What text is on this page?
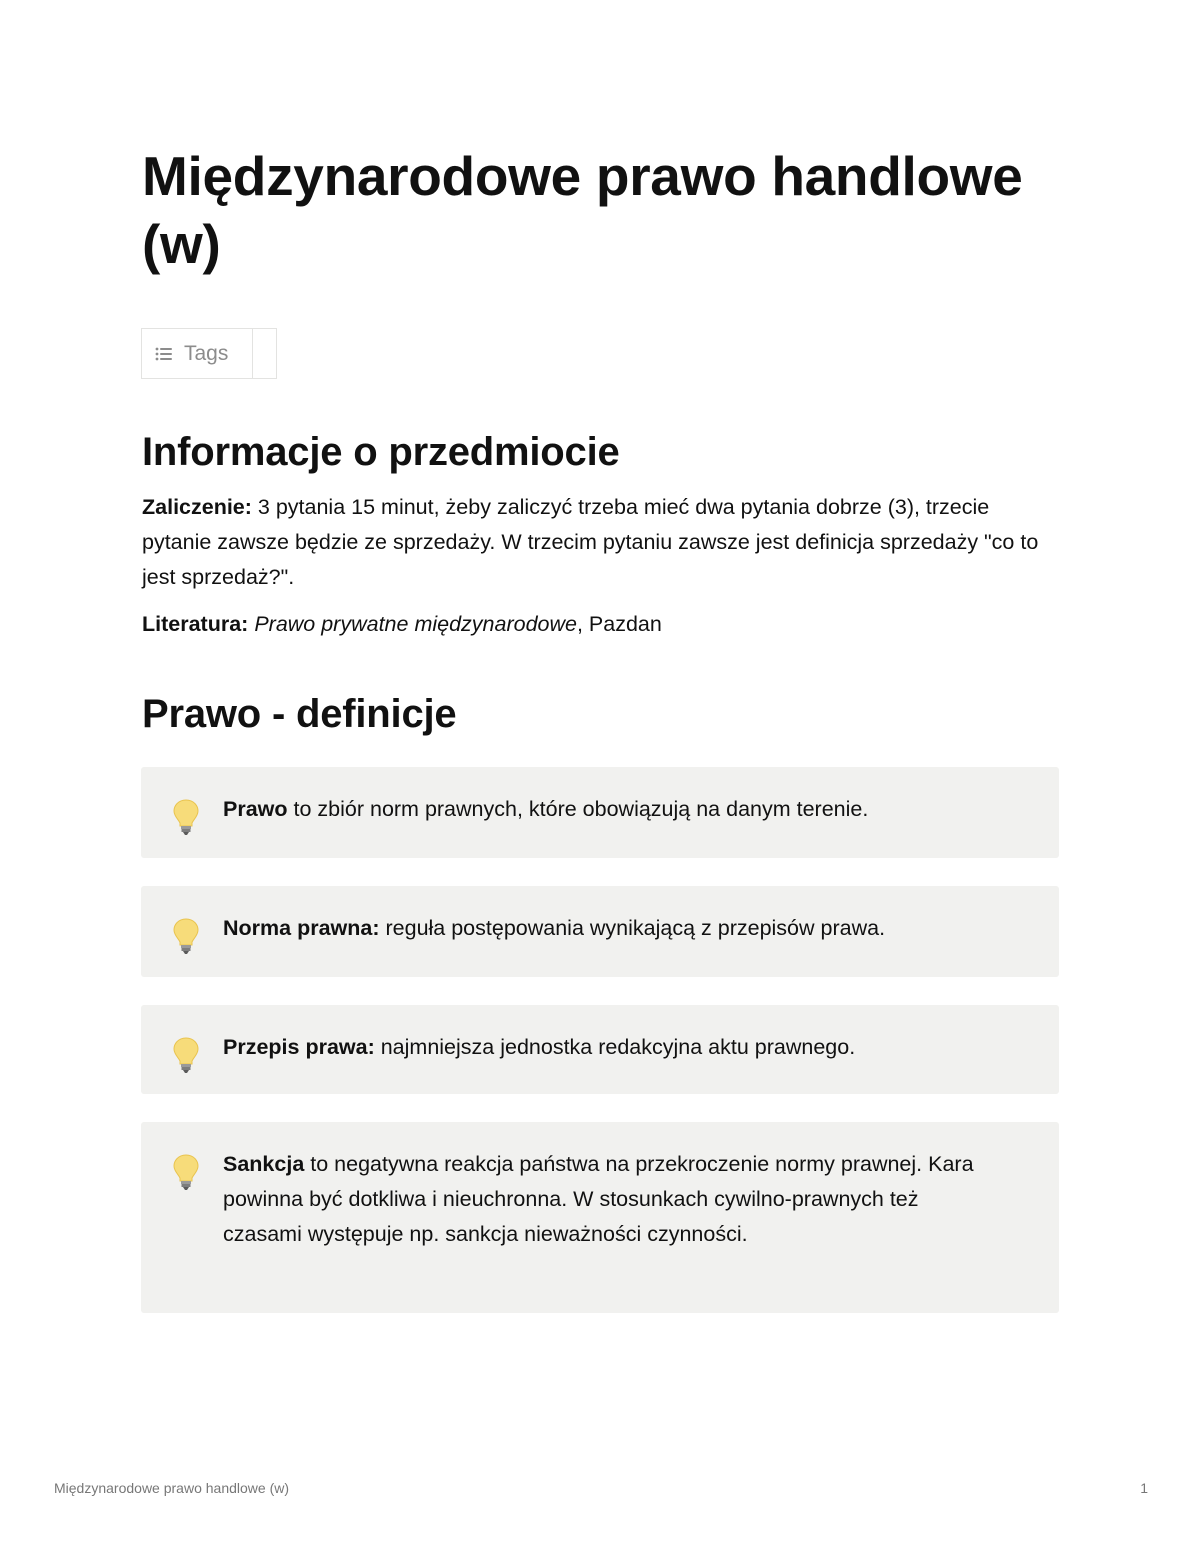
Międzynarodowe prawo handlowe (w)
Tags
Informacje o przedmiocie

Zaliczenie: 3 pytania 15 minut, żeby zaliczyć trzeba mieć dwa pytania dobrze (3), trzecie pytanie zawsze będzie ze sprzedaży. W trzecim pytaniu zawsze jest definicja sprzedaży "co to jest sprzedaż?".

Literatura: Prawo prywatne międzynarodowe, Pazdan

Prawo - definicje

Prawo to zbiór norm prawnych, które obowiązują na danym terenie.

Norma prawna: reguła postępowania wynikającą z przepisów prawa.

Przepis prawa: najmniejsza jednostka redakcyjna aktu prawnego.

Sankcja to negatywna reakcja państwa na przekroczenie normy prawnej. Kara powinna być dotkliwa i nieuchronna. W stosunkach cywilno-prawnych też czasami występuje np. sankcja nieważności czynności.

Międzynarodowe prawo handlowe (w)	1
